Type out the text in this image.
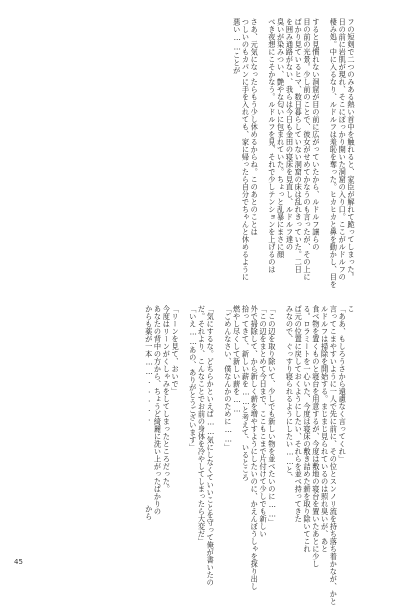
フの短剣で二つのみある熱い首中を触れると、家臣が解れて跪ってしまった。
日の前に岩肌が現れ、そこにぽっかり開いた洞窟の入り口。ここがルドルフの
棲み処。中に入るなり、ルドルフは羞恥を奪った。ヒカヒカと鼻を動かし、目を
すると見慣れない洞窟が目の前に広がっていたから、ルドルフ譲らの
目の前の光景。少し前のことで、彼女がせめてかなうのも言ったが、その上に
ばかり見ているヒマ、数日暮らしていない洞窟の床は乱れきっていた。二日
を囲み通路がない、我らは今日も金田の寝床を見直し、ルドルフ達の
臭いが染みつい、艶やな匂いに包まれていた。ちょっと乱暴にまさに顔
べき夜想にこそかなう。ルドルフを見、それで少しテンションを上げるのは
さあ、元気になったらもう少し休めるからね。このあとのことは
つしいのもカパンに手を入れても、家に帰ったら自分でちゃんと休めるように
悪い……ことが
こ
「ああ、もしろうさから遠慮なく言ってくれ」
言ってこまやすいように一人で先に前に、その位とスンノリ流を持ち落ち着かなが、かと
ルドルフは掃除を開始する。まじまじ見られているのは照れ臭いが、あと
食べ物を置くものと寝台を用意するが、今度は敷地の寝台を置いたあとに少し
る。ロラミートを一心いた、今度は寝床の敷き詰めた薪を取り除いてこれ
ば元の位置に戻しておくようにしたい、それらを並べ持ってきた
みなので、ぐっすり寝られるようにしたい……と、
「この辺を取り除いて、少しでも新しい物を並べたいのに……」
「この辺をまとめて今日まで、ここもこまで片付けて少しでも新しい
外で掃除して、から新しく薪を増やすようにしたいのに、かえんぼうしゃを探り出し
拾ってきて、新しい薪を……と考えて、いるところ
燃やし尽くして新しい薪を……
「ごめんなさい、僕なんかのために……」
「気にするな。どちらかといえば……気にしなくていいことを守って俺が書いたの
だ。それより、こんなことでお前の身体を冷やしてしまったら大変だ」
「いえ……あの、ありがとうございます」
「リーンを見て、おいで」
今度はリーンがくしゃみをしてしまったところだった。
あなたの背中の方から、ちょうど綺麗に洗い上がったばかりの
からも薬が一本…….....　　　　　　　　　　　から
45
